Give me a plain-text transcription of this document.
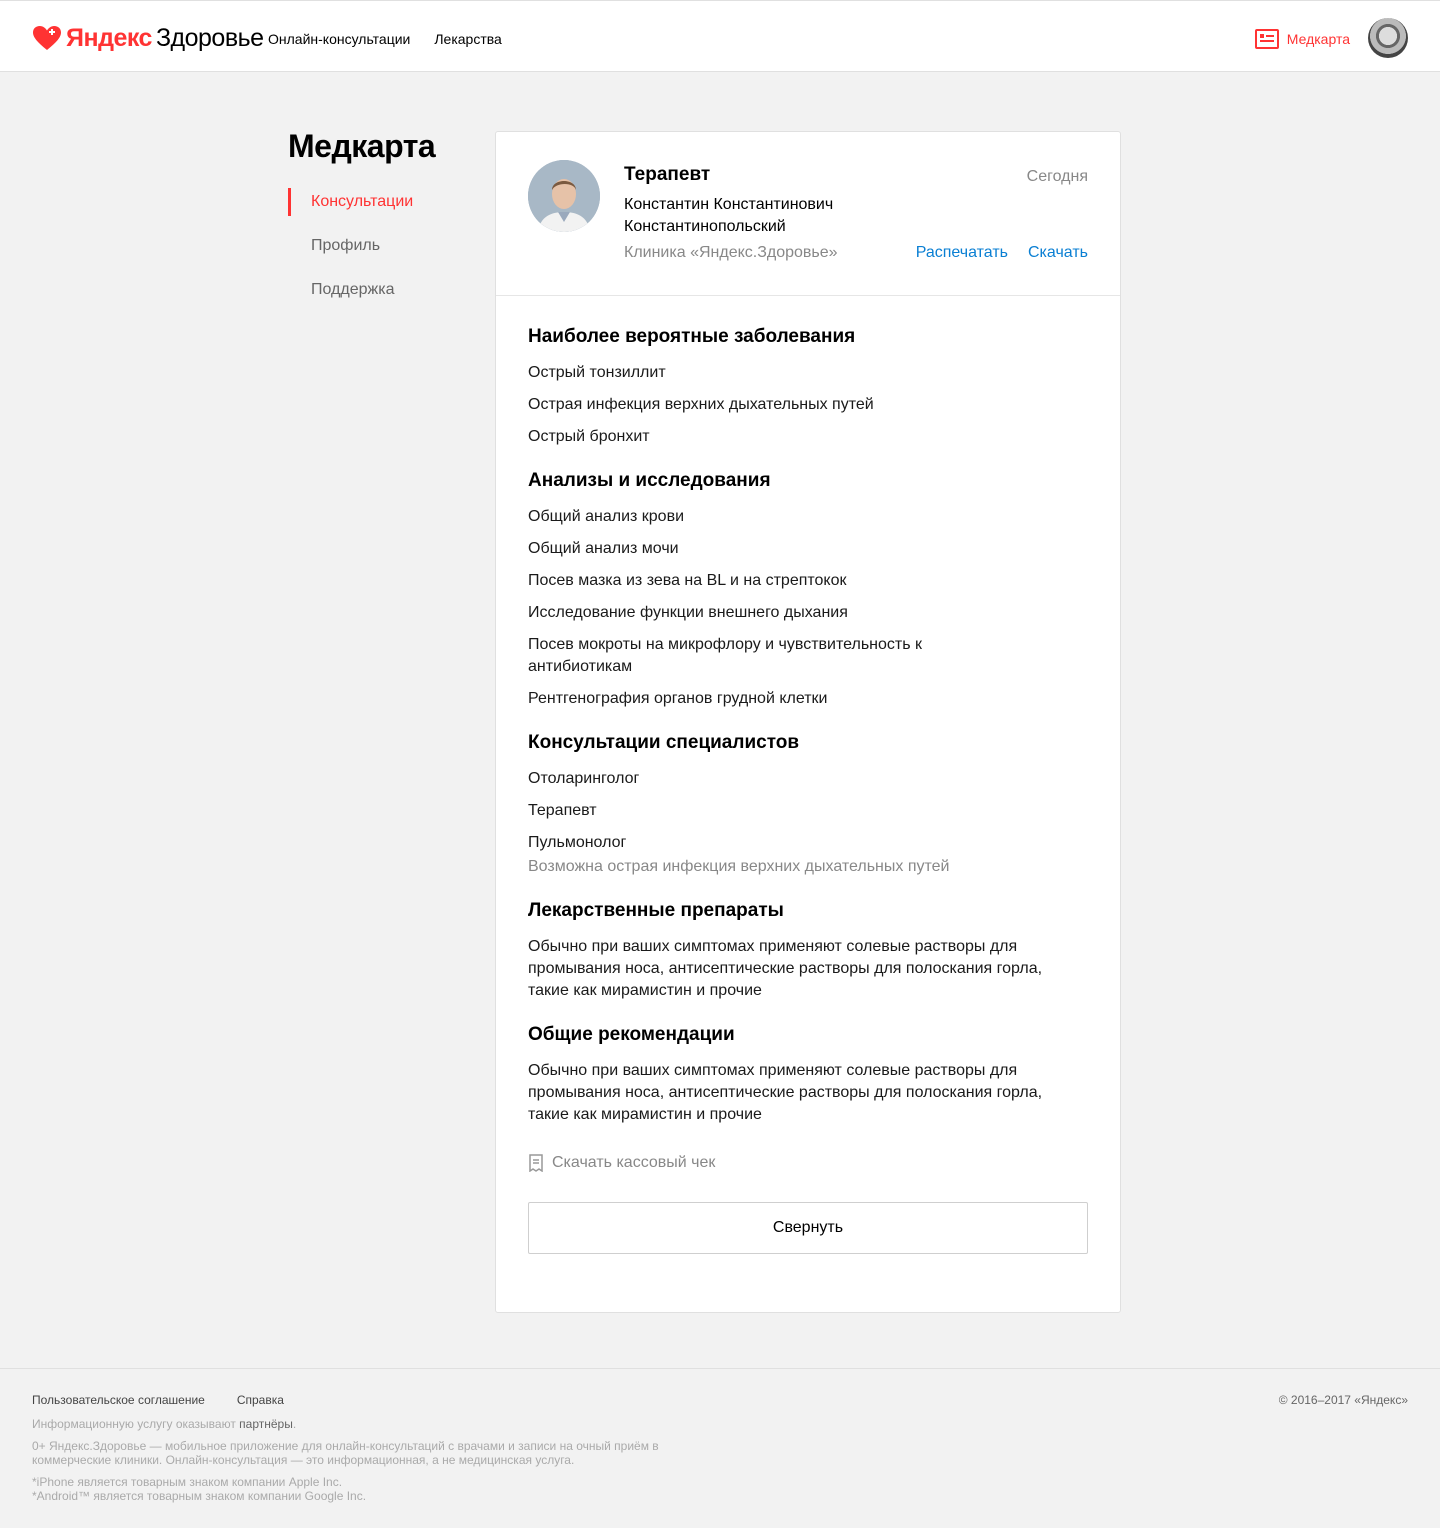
Яндекс Здоровье Онлайн-консультации Лекарства	Медкарта
Медкарта
Консультации
Профиль
Поддержка
Терапевт
Константин Константинович Константинопольский
Клиника «Яндекс.Здоровье»
Сегодня
Распечатать Скачать
Наиболее вероятные заболевания
Острый тонзиллит
Острая инфекция верхних дыхательных путей
Острый бронхит
Анализы и исследования
Общий анализ крови
Общий анализ мочи
Посев мазка из зева на BL и на стрептокок
Исследование функции внешнего дыхания
Посев мокроты на микрофлору и чувствительность к антибиотикам
Рентгенография органов грудной клетки
Консультации специалистов
Отоларинголог
Терапевт
Пульмонолог
Возможна острая инфекция верхних дыхательных путей
Лекарственные препараты
Обычно при ваших симптомах применяют солевые растворы для промывания носа, антисептические растворы для полоскания горла, такие как мирамистин и прочие
Общие рекомендации
Обычно при ваших симптомах применяют солевые растворы для промывания носа, антисептические растворы для полоскания горла, такие как мирамистин и прочие
Скачать кассовый чек
Свернуть
Пользовательское соглашение	Справка	© 2016–2017 «Яндекс»
Информационную услугу оказывают партнёры.
0+ Яндекс.Здоровье — мобильное приложение для онлайн-консультаций с врачами и записи на очный приём в коммерческие клиники. Онлайн-консультация — это информационная, а не медицинская услуга.
*iPhone является товарным знаком компании Apple Inc.
*Android™ является товарным знаком компании Google Inc.
